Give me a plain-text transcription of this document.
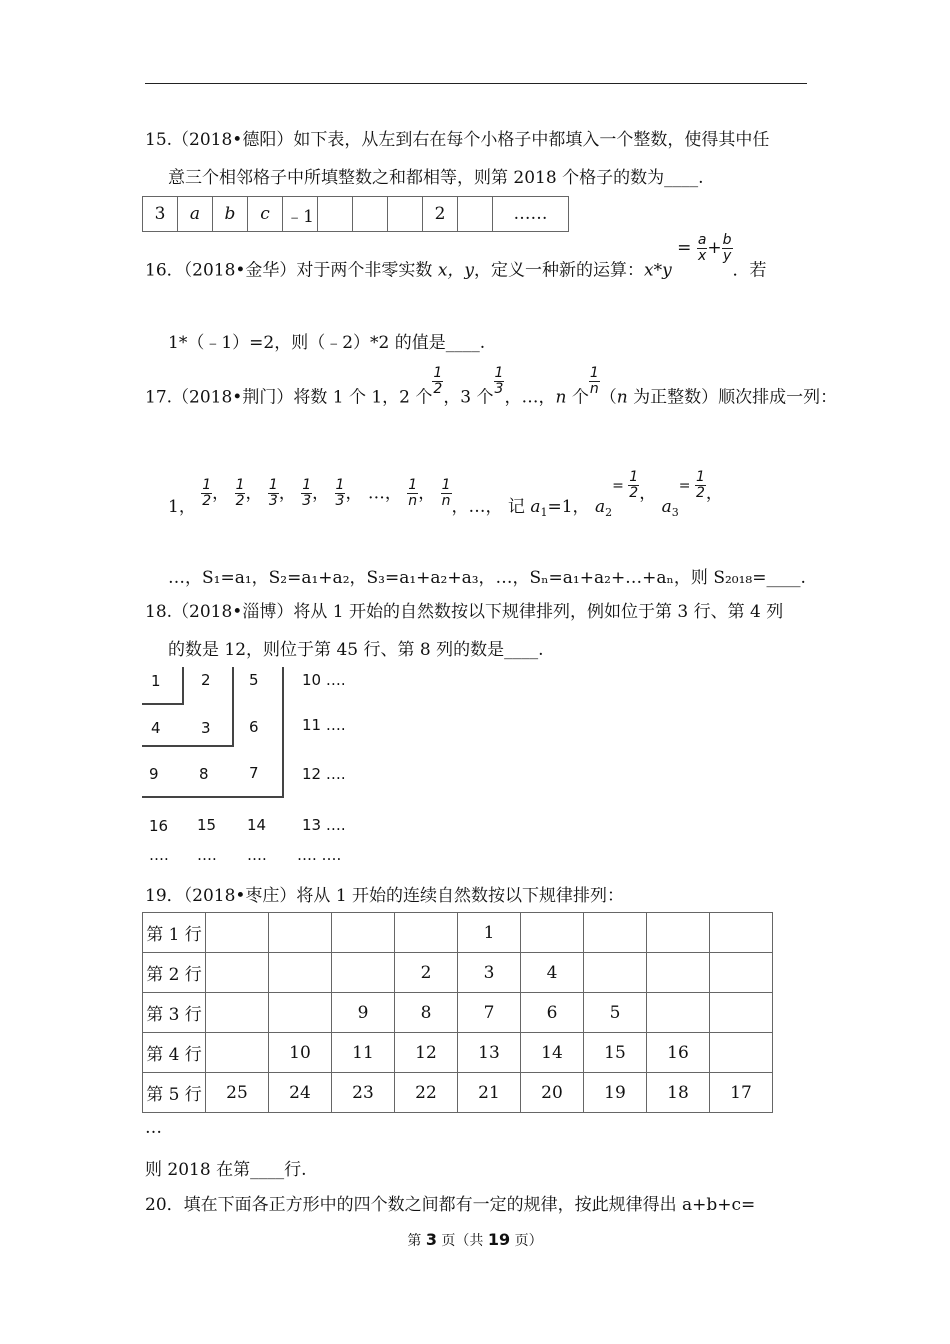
15.（2018•德阳）如下表，从左到右在每个小格子中都填入一个整数，使得其中任
意三个相邻格子中所填整数之和都相等，则第 2018 个格子的数为____.
3	a	b	c	﹣1				2		……
16．（2018•金华）对于两个非零实数 x，y，定义一种新的运算：$x*y = \frac{a}{x} + \frac{b}{y}$
．若
1*（﹣1）=2，则（﹣2）*2 的值是____.
17.（2018•荆门）将数 1 个 1，2 个 $\frac{1}{2}$ ，3 个 $\frac{1}{3}$ ，…，n 个 $\frac{1}{n} (n$ 为正整数）顺次排成一列：
1， $\frac{1}{2}$ ， $\frac{1}{2}$ ， $\frac{1}{3}$ ， $\frac{1}{3}$ ， $\frac{1}{3}$ ， …， $\frac{1}{n}$ ， $\frac{1}{n}$ ，…， 记 $a_1=1$， $a_2= \frac{1}{2}$ ， $a_3= \frac{1}{2}$ ，
…，S₁=a₁，S₂=a₁+a₂，S₃=a₁+a₂+a₃，…，Sₙ=a₁+a₂+…+aₙ，则 S₂₀₁₈=____.
18.（2018•淄博）将从 1 开始的自然数按以下规律排列，例如位于第 3 行、第 4 列
的数是 12，则位于第 45 行、第 8 列的数是____.
1	2	5	10 ….
4	3	6	11 ….
9	8	7	12 ….
16 15 14 13 ….
…. …. …. …. ….
19．（2018•枣庄）将从 1 开始的连续自然数按以下规律排列：
第 1 行					1				
第 2 行				2	3	4			
第 3 行			9	8	7	6	5		
第 4 行		10	11	12	13	14	15	16	
第 5 行	25	24	23	22	21	20	19	18	17
…
则 2018 在第____行.
20．填在下面各正方形中的四个数之间都有一定的规律，按此规律得出 a+b+c=
第 3 页（共 19 页）
